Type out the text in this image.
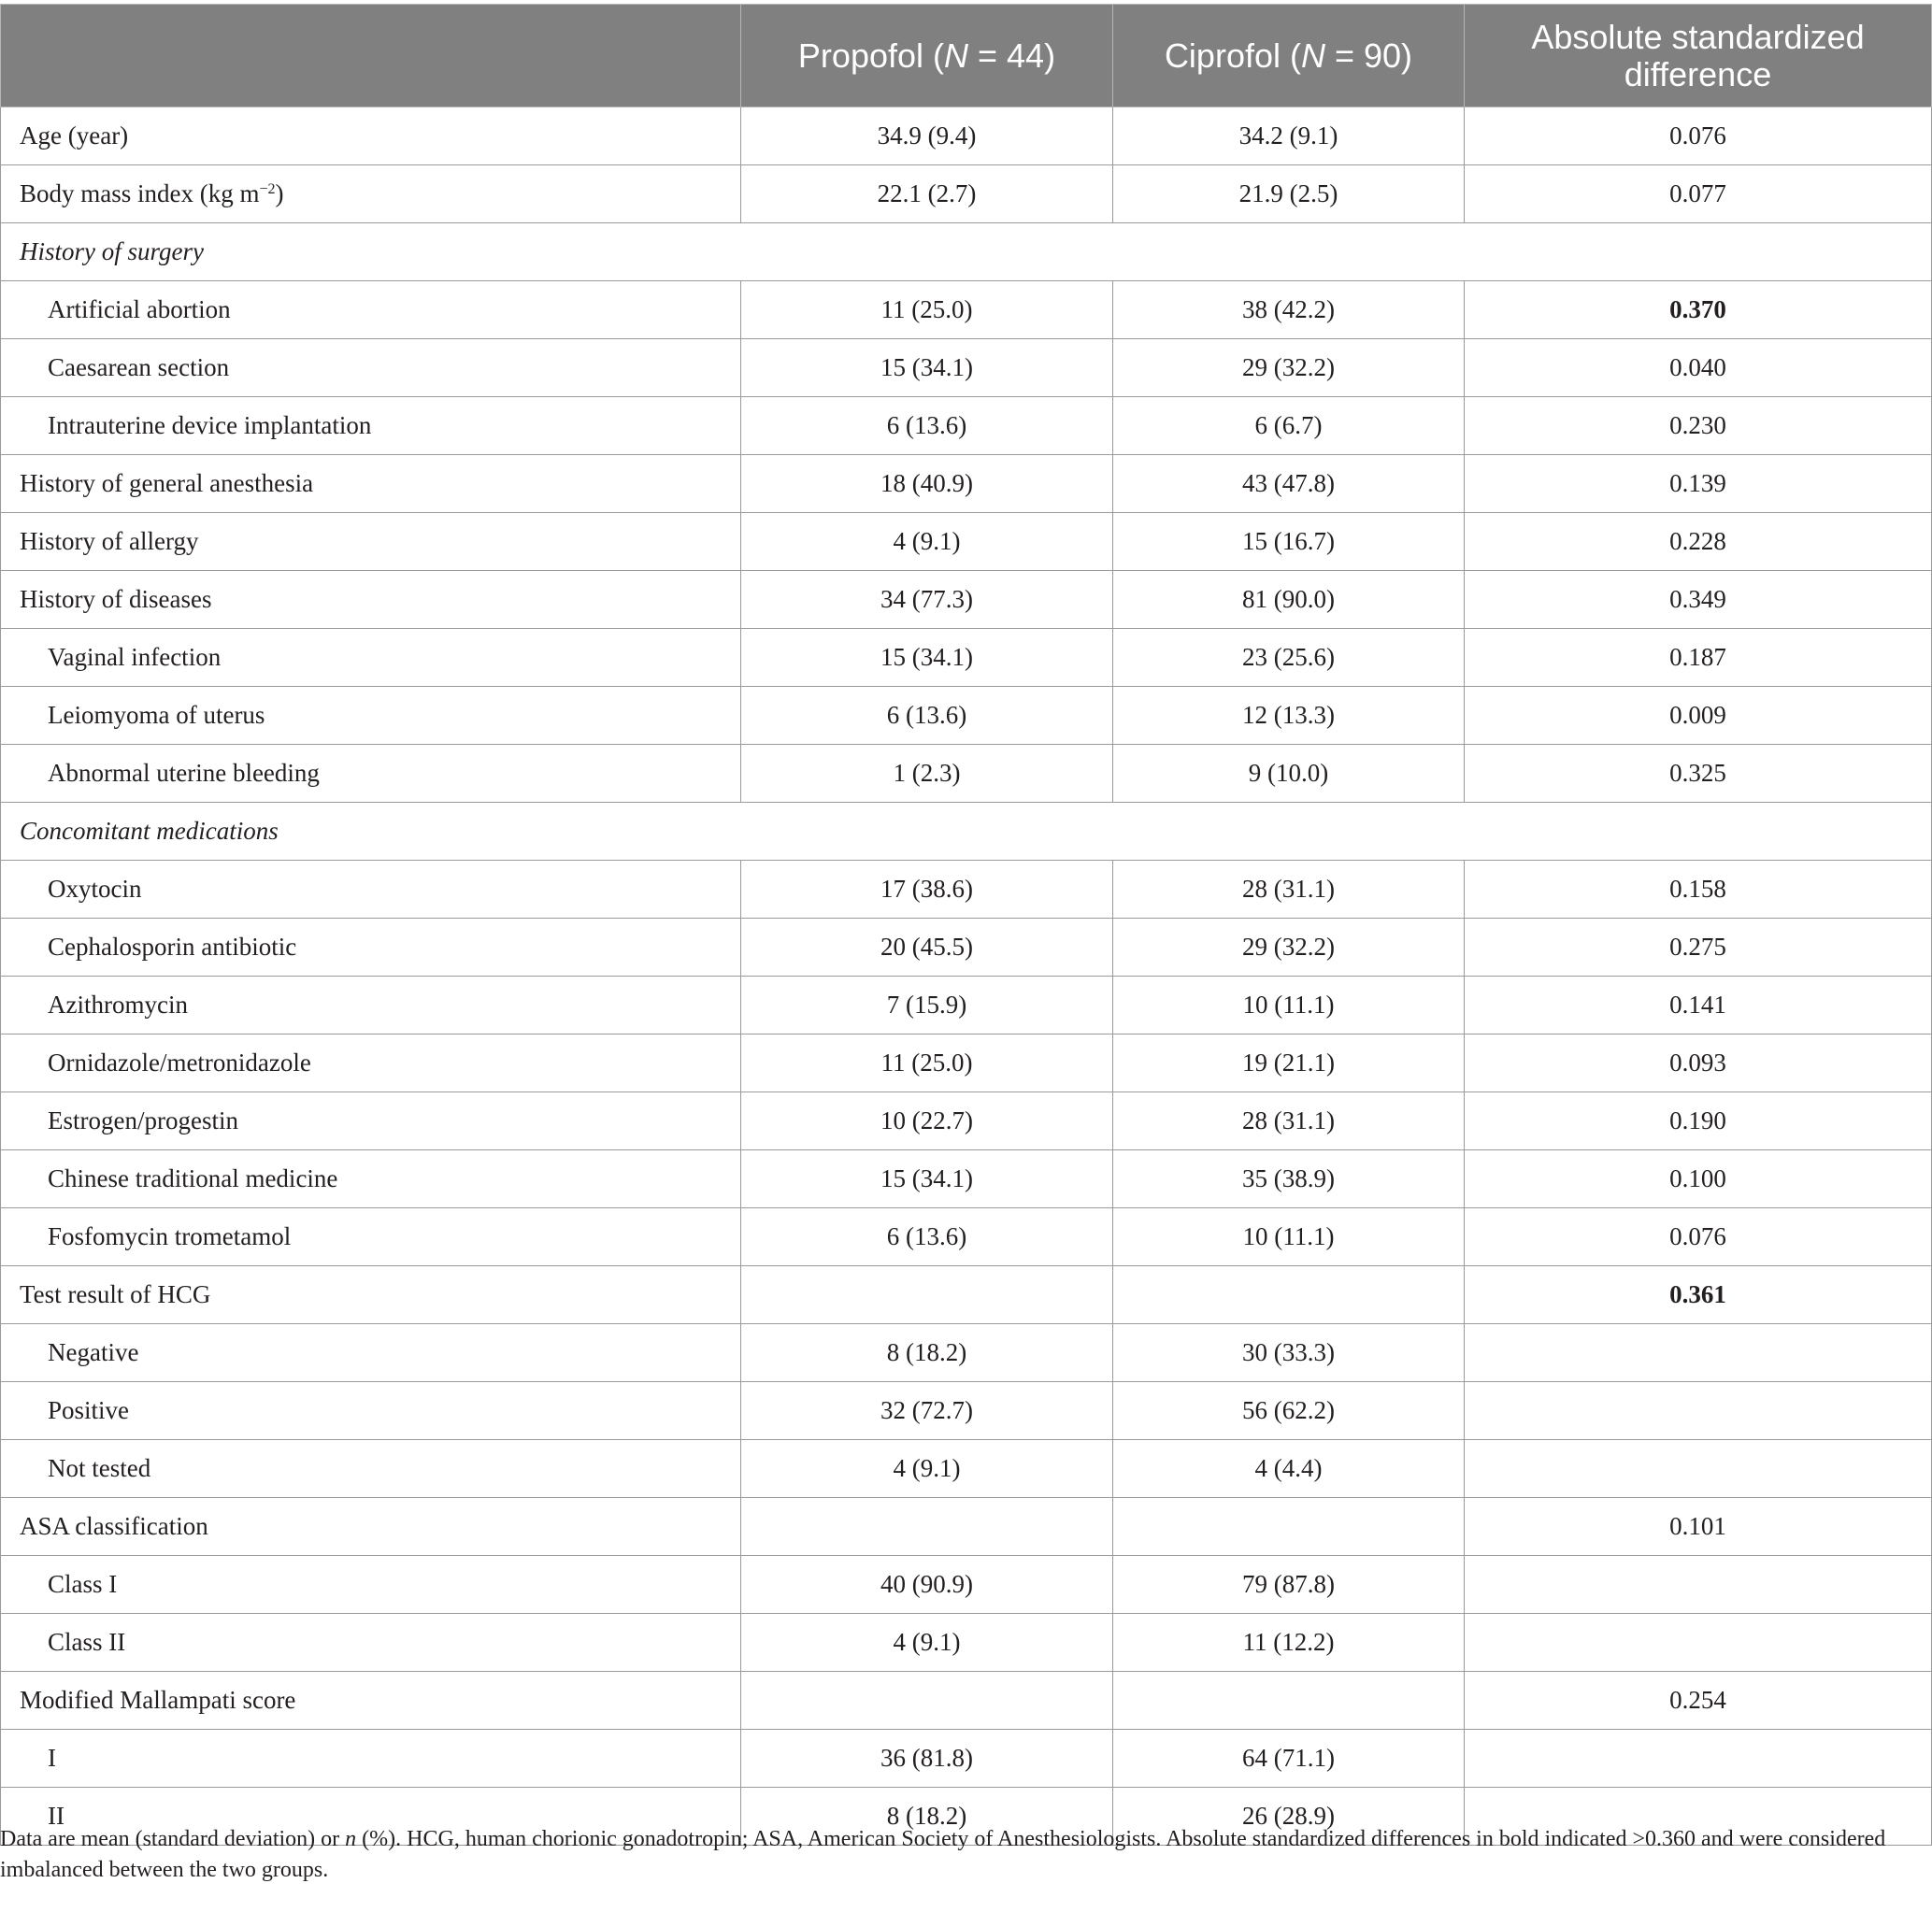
	Propofol (N = 44)	Ciprofol (N = 90)	Absolute standardized difference
Age (year)	34.9 (9.4)	34.2 (9.1)	0.076
Body mass index (kg $m^{-2}$)	22.1 (2.7)	21.9 (2.5)	0.077
History of surgery			
Artificial abortion	11 (25.0)	38 (42.2)	0.370
Caesarean section	15 (34.1)	29 (32.2)	0.040
Intrauterine device implantation	6 (13.6)	6 (6.7)	0.230
History of general anesthesia	18 (40.9)	43 (47.8)	0.139
History of allergy	4 (9.1)	15 (16.7)	0.228
History of diseases	34 (77.3)	81 (90.0)	0.349
Vaginal infection	15 (34.1)	23 (25.6)	0.187
Leiomyoma of uterus	6 (13.6)	12 (13.3)	0.009
Abnormal uterine bleeding	1 (2.3)	9 (10.0)	0.325
Concomitant medications			
Oxytocin	17 (38.6)	28 (31.1)	0.158
Cephalosporin antibiotic	20 (45.5)	29 (32.2)	0.275
Azithromycin	7 (15.9)	10 (11.1)	0.141
Ornidazole/metronidazole	11 (25.0)	19 (21.1)	0.093
Estrogen/progestin	10 (22.7)	28 (31.1)	0.190
Chinese traditional medicine	15 (34.1)	35 (38.9)	0.100
Fosfomycin trometamol	6 (13.6)	10 (11.1)	0.076
Test result of HCG			0.361
Negative	8 (18.2)	30 (33.3)	
Positive	32 (72.7)	56 (62.2)	
Not tested	4 (9.1)	4 (4.4)	
ASA classification			0.101
Class I	40 (90.9)	79 (87.8)	
Class II	4 (9.1)	11 (12.2)	
Modified Mallampati score			0.254
I	36 (81.8)	64 (71.1)	
II	8 (18.2)	26 (28.9)	
Data are mean (standard deviation) or n (%). HCG, human chorionic gonadotropin; ASA, American Society of Anesthesiologists. Absolute standardized differences in bold indicated >0.360 and were considered imbalanced between the two groups.
